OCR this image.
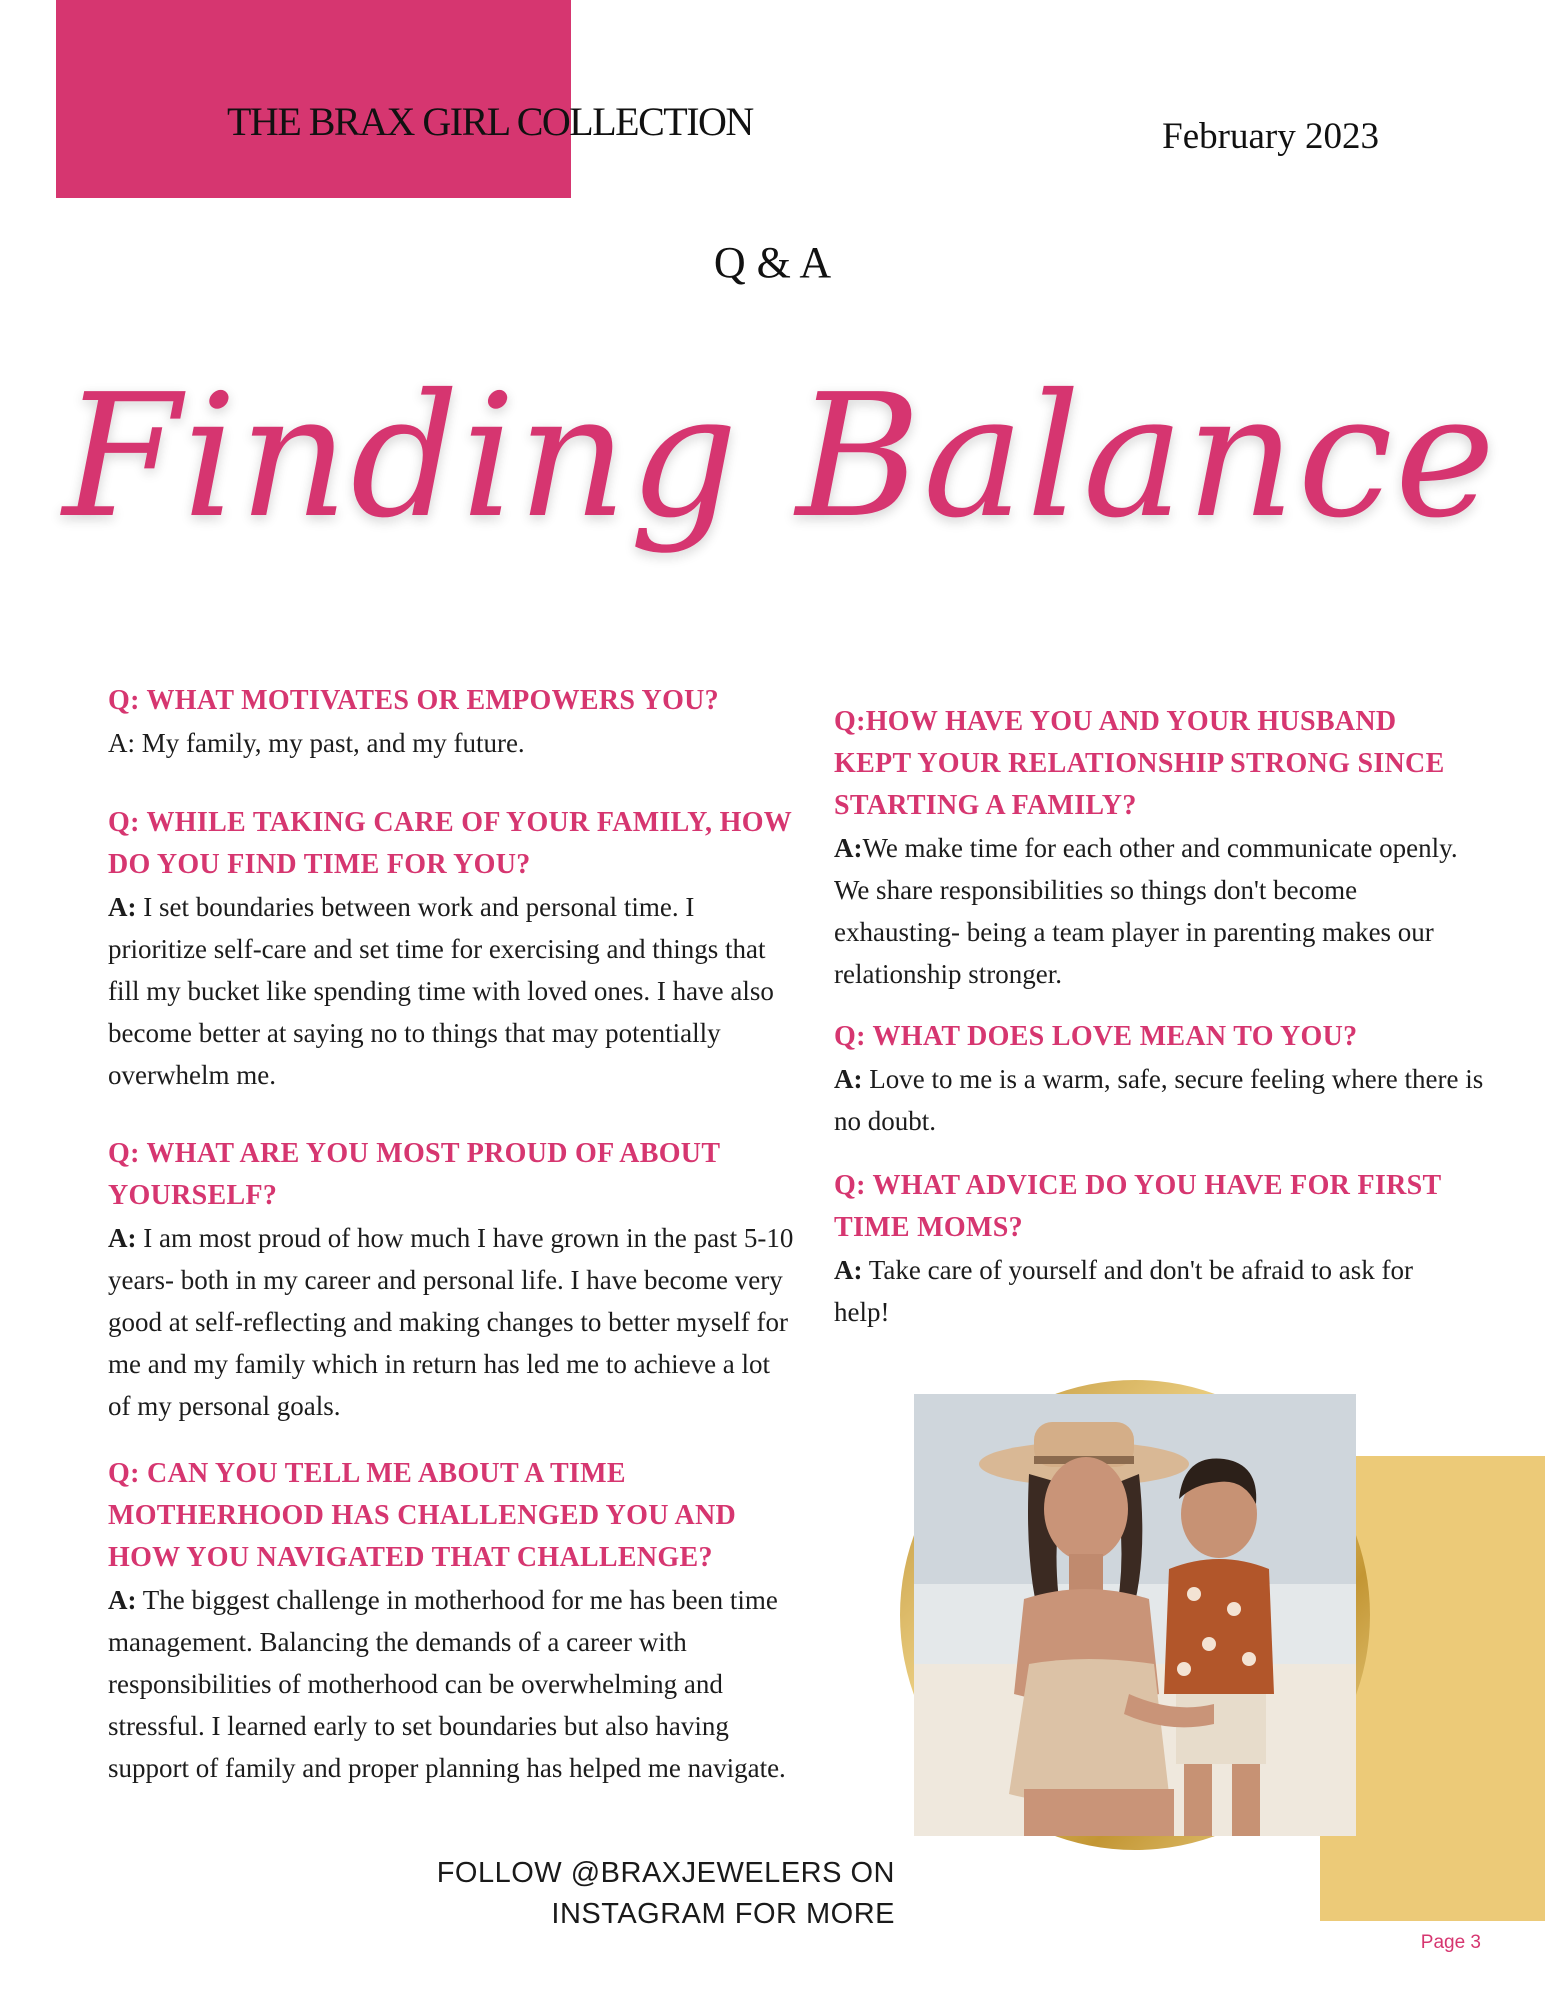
THE BRAX GIRL COLLECTION	February 2023
Q & A
Finding Balance
Q: WHAT MOTIVATES OR EMPOWERS YOU?
A: My family, my past, and my future.
Q: WHILE TAKING CARE OF YOUR FAMILY, HOW DO YOU FIND TIME FOR YOU?
A: I set boundaries between work and personal time. I prioritize self-care and set time for exercising and things that fill my bucket like spending time with loved ones. I have also become better at saying no to things that may potentially overwhelm me.
Q: WHAT ARE YOU MOST PROUD OF ABOUT YOURSELF?
A: I am most proud of how much I have grown in the past 5-10 years- both in my career and personal life. I have become very good at self-reflecting and making changes to better myself for me and my family which in return has led me to achieve a lot of my personal goals.
Q: CAN YOU TELL ME ABOUT A TIME MOTHERHOOD HAS CHALLENGED YOU AND HOW YOU NAVIGATED THAT CHALLENGE?
A: The biggest challenge in motherhood for me has been time management. Balancing the demands of a career with responsibilities of motherhood can be overwhelming and stressful. I learned early to set boundaries but also having support of family and proper planning has helped me navigate.
Q:HOW HAVE YOU AND YOUR HUSBAND KEPT YOUR RELATIONSHIP STRONG SINCE STARTING A FAMILY?
A:We make time for each other and communicate openly. We share responsibilities so things don't become exhausting- being a team player in parenting makes our relationship stronger.
Q: WHAT DOES LOVE MEAN TO YOU?
A: Love to me is a warm, safe, secure feeling where there is no doubt.
Q: WHAT ADVICE DO YOU HAVE FOR FIRST TIME MOMS?
A: Take care of yourself and don't be afraid to ask for help!
FOLLOW @BRAXJEWELERS ON
INSTAGRAM FOR MORE
Page 3
